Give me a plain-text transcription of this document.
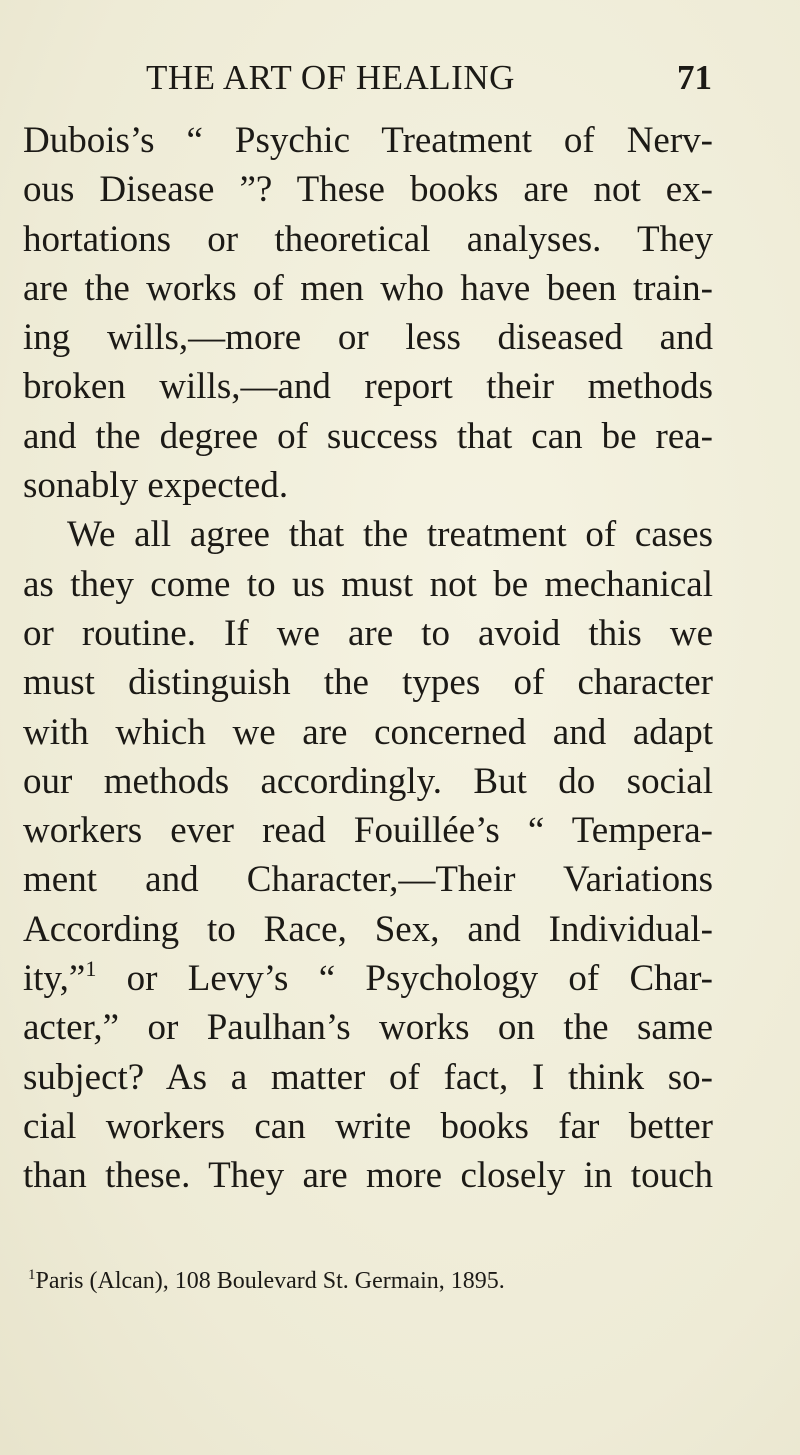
THE ART OF HEALING	71
Dubois’s “ Psychic Treatment of Nerv-
ous Disease ”? These books are not ex-
hortations or theoretical analyses. They
are the works of men who have been train-
ing wills,—more or less diseased and
broken wills,—and report their methods
and the degree of success that can be rea-
sonably expected.
We all agree that the treatment of cases
as they come to us must not be mechanical
or routine. If we are to avoid this we
must distinguish the types of character
with which we are concerned and adapt
our methods accordingly. But do social
workers ever read Fouillée’s “ Tempera-
ment and Character,—Their Variations
According to Race, Sex, and Individual-
ity,”$^1$ or Levy’s “ Psychology of Char-
acter,” or Paulhan’s works on the same
subject? As a matter of fact, I think so-
cial workers can write books far better
than these. They are more closely in touch
$^1$Paris (Alcan), 108 Boulevard St. Germain, 1895.
